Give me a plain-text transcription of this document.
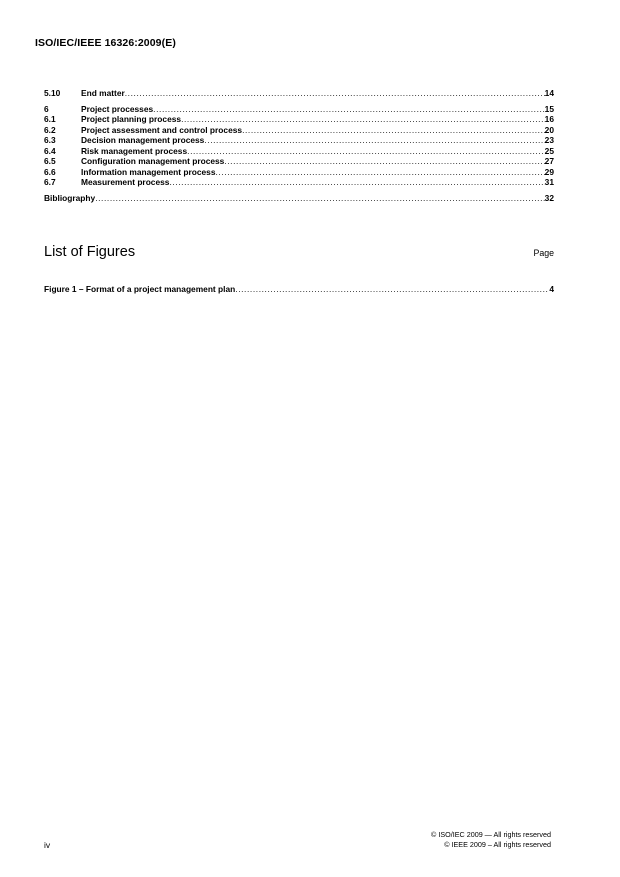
ISO/IEC/IEEE 16326:2009(E)
5.10	End matter .....	14
6	Project processes .....	15
6.1	Project planning process .....	16
6.2	Project assessment and control process .....	20
6.3	Decision management process .....	23
6.4	Risk management process .....	25
6.5	Configuration management process .....	27
6.6	Information management process .....	29
6.7	Measurement process .....	31
Bibliography .....	32
List of Figures	Page
Figure 1 – Format of a project management plan .....	4
© ISO/IEC 2009 — All rights reserved
© IEEE 2009 – All rights reserved
iv
